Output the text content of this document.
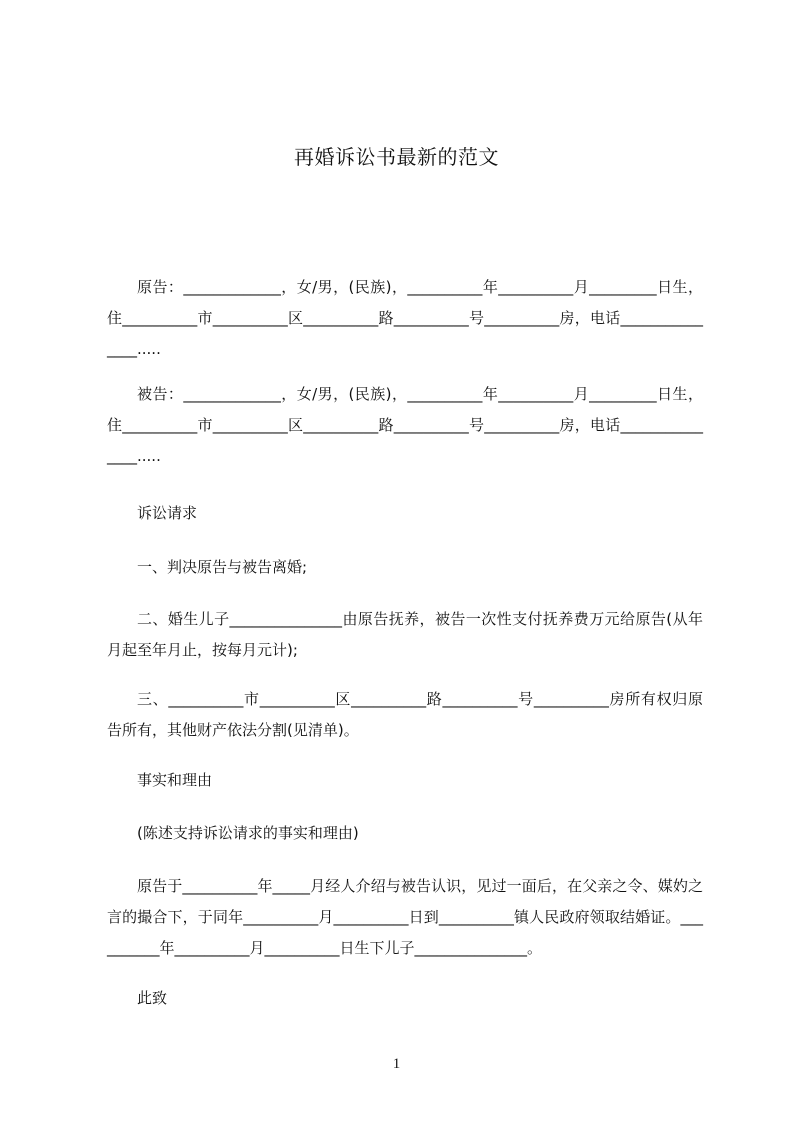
再婚诉讼书最新的范文

原告：_____________，女/男，(民族)，__________年__________月_________日生，住__________市__________区__________路__________号__________房，电话_______________.....

被告：_____________，女/男，(民族)，__________年__________月_________日生，住__________市__________区__________路__________号__________房，电话_______________.....

诉讼请求
一、判决原告与被告离婚;

二、婚生儿子_______________由原告抚养，被告一次性支付抚养费万元给原告(从年月起至年月止，按每月元计);

三、__________市__________区__________路__________号__________房所有权归原告所有，其他财产依法分割(见清单)。

事实和理由
(陈述支持诉讼请求的事实和理由)

原告于__________年_____月经人介绍与被告认识，见过一面后，在父亲之令、媒妁之言的撮合下，于同年__________月__________日到__________镇人民政府领取结婚证。__________年__________月__________日生下儿子_______________。

此致
1
